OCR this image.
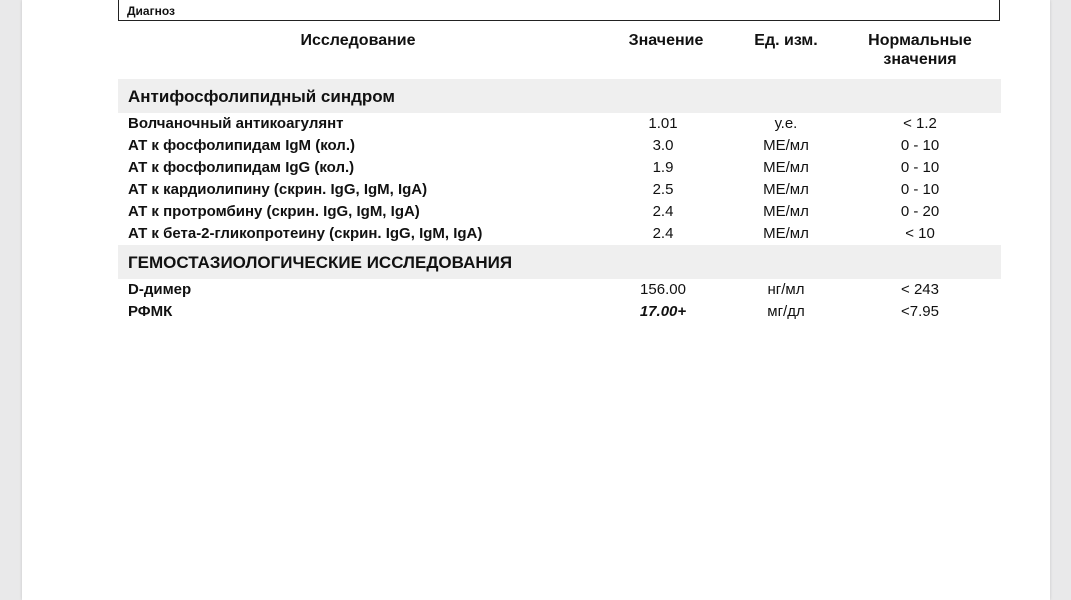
Диагноз
Исследование	Значение	Ед. изм.	Нормальные
значения
Антифосфолипидный синдром
Волчаночный антикоагулянт	1.01	у.е.	< 1.2
АТ к фосфолипидам IgM (кол.)	3.0	МЕ/мл	0 - 10
АТ к фосфолипидам IgG (кол.)	1.9	МЕ/мл	0 - 10
АТ к кардиолипину (скрин. IgG, IgM, IgA)	2.5	МЕ/мл	0 - 10
АТ к протромбину (скрин. IgG, IgM, IgA)	2.4	МЕ/мл	0 - 20
АТ к бета-2-гликопротеину (скрин. IgG, IgM, IgA)	2.4	МЕ/мл	< 10
ГЕМОСТАЗИОЛОГИЧЕСКИЕ ИССЛЕДОВАНИЯ
D-димер	156.00	нг/мл	< 243
РФМК	17.00+	мг/дл	<7.95
